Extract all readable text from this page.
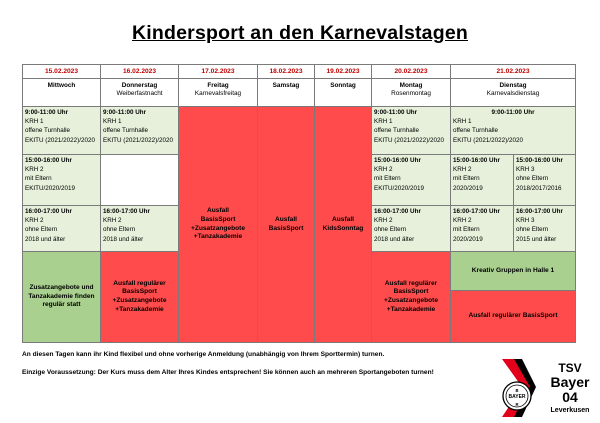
Kindersport an den Karnevalstagen
15.02.2023
Mittwoch
16.02.2023
Donnerstag
Weiberfastnacht
17.02.2023
Freitag
Karnevalsfreitag
18.02.2023
Samstag
19.02.2023
Sonntag
20.02.2023
Montag
Rosenmontag
21.02.2023
Dienstag
Karnevalsdienstag
9:00-11:00 Uhr
KRH 1
offene Turnhalle
EKITU (2021/2022)/2020
15:00-16:00 Uhr
KRH 2
mit Eltern
EKITU/2020/2019
16:00-17:00 Uhr
KRH 2
ohne Eltern
2018 und älter
Zusatzangebote und
Tanzakademie finden
regulär statt
9:00-11:00 Uhr
KRH 1
offene Turnhalle
EKITU (2021/2022)/2020
16:00-17:00 Uhr
KRH 2
ohne Eltern
2018 und älter
Ausfall regulärer
BasisSport
+Zusatzangebote
+Tanzakademie
Ausfall
BasisSport
+Zusatzangebote
+Tanzakademie
Ausfall
BasisSport
Ausfall
KidsSonntag
9:00-11:00 Uhr
KRH 1
offene Turnhalle
EKITU (2021/2022)/2020
15:00-16:00 Uhr
KRH 2
mit Eltern
EKITU/2020/2019
16:00-17:00 Uhr
KRH 2
ohne Eltern
2018 und älter
Ausfall regulärer
BasisSport
+Zusatzangebote
+Tanzakademie
9:00-11:00 Uhr
KRH 1
offene Turnhalle
EKITU (2021/2022)/2020
15:00-16:00 Uhr
KRH 2
mit Eltern
2020/2019
15:00-16:00 Uhr
KRH 3
ohne Eltern
2018/2017/2016
16:00-17:00 Uhr
KRH 2
mit Eltern
2020/2019
16:00-17:00 Uhr
KRH 3
ohne Eltern
2015 und älter
Kreativ Gruppen in Halle 1
Ausfall regulärer BasisSport
An diesen Tagen kann ihr Kind flexibel und ohne vorherige Anmeldung (unabhängig von Ihrem Sporttermin) turnen.
Einzige Voraussetzung: Der Kurs muss dem Alter Ihres Kindes entsprechen! Sie können auch an mehreren Sportangeboten turnen!
BAYER
B
R
TSV
Bayer
04
Leverkusen
